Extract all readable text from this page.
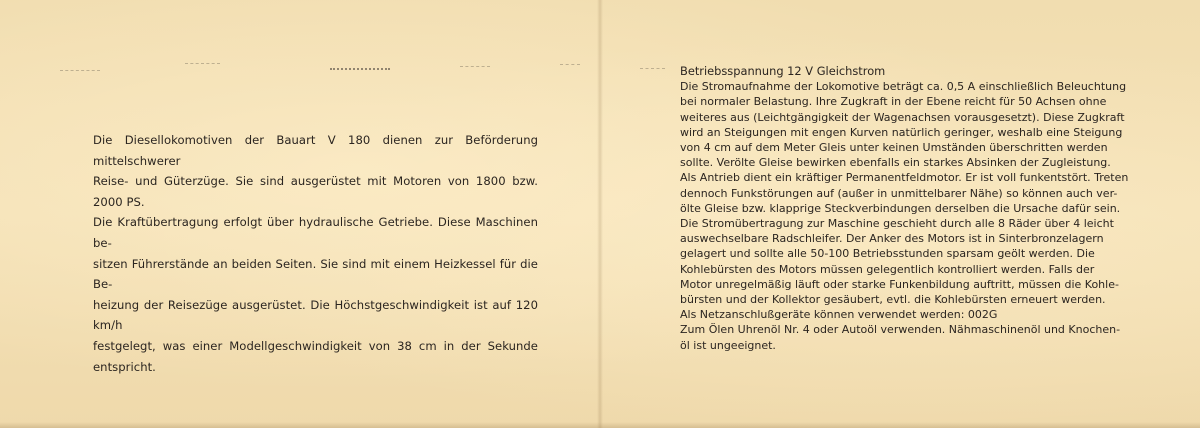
Die Diesellokomotiven der Bauart V 180 dienen zur Beförderung mittelschwerer
Reise- und Güterzüge. Sie sind ausgerüstet mit Motoren von 1800 bzw. 2000 PS.
Die Kraftübertragung erfolgt über hydraulische Getriebe. Diese Maschinen be-
sitzen Führerstände an beiden Seiten. Sie sind mit einem Heizkessel für die Be-
heizung der Reisezüge ausgerüstet. Die Höchstgeschwindigkeit ist auf 120 km/h
festgelegt, was einer Modellgeschwindigkeit von 38 cm in der Sekunde entspricht.
Betriebsspannung 12 V Gleichstrom
Die Stromaufnahme der Lokomotive beträgt ca. 0,5 A einschließlich Beleuchtung
bei normaler Belastung. Ihre Zugkraft in der Ebene reicht für 50 Achsen ohne
weiteres aus (Leichtgängigkeit der Wagenachsen vorausgesetzt). Diese Zugkraft
wird an Steigungen mit engen Kurven natürlich geringer, weshalb eine Steigung
von 4 cm auf dem Meter Gleis unter keinen Umständen überschritten werden
sollte. Verölte Gleise bewirken ebenfalls ein starkes Absinken der Zugleistung.
Als Antrieb dient ein kräftiger Permanentfeldmotor. Er ist voll funkentstört. Treten
dennoch Funkstörungen auf (außer in unmittelbarer Nähe) so können auch ver-
ölte Gleise bzw. klapprige Steckverbindungen derselben die Ursache dafür sein.
Die Stromübertragung zur Maschine geschieht durch alle 8 Räder über 4 leicht
auswechselbare Radschleifer. Der Anker des Motors ist in Sinterbronzelagern
gelagert und sollte alle 50-100 Betriebsstunden sparsam geölt werden. Die
Kohlebürsten des Motors müssen gelegentlich kontrolliert werden. Falls der
Motor unregelmäßig läuft oder starke Funkenbildung auftritt, müssen die Kohle-
bürsten und der Kollektor gesäubert, evtl. die Kohlebürsten erneuert werden.
Als Netzanschlußgeräte können verwendet werden: 002G
Zum Ölen Uhrenöl Nr. 4 oder Autoöl verwenden. Nähmaschinenöl und Knochen-
öl ist ungeeignet.
